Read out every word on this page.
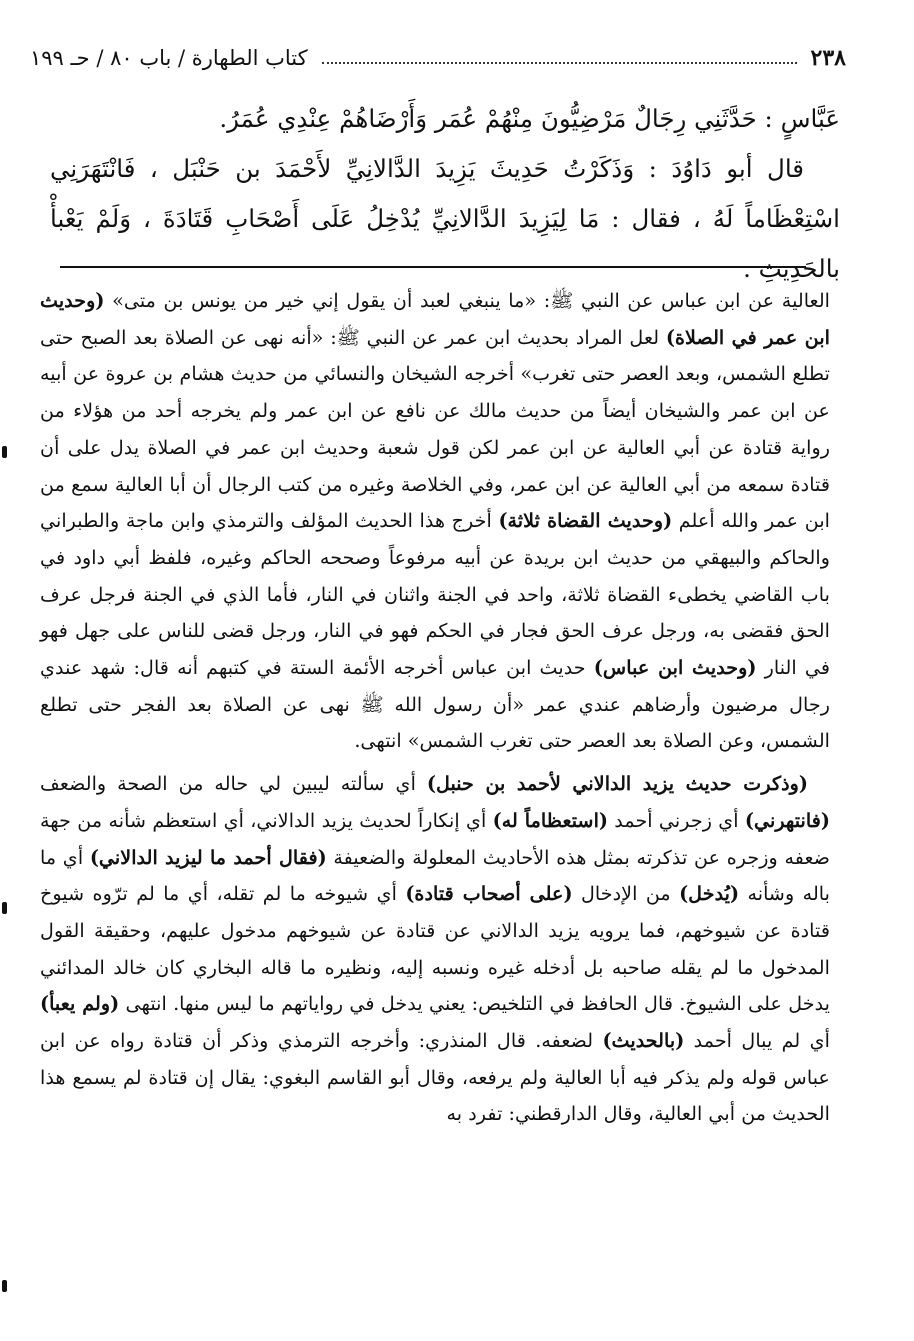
٢٣٨
كتاب الطهارة / باب ٨٠ / حـ ١٩٩

عَبَّاسٍ : حَدَّثَنِي رِجَالٌ مَرْضِيُّونَ مِنْهُمْ عُمَر وَأَرْضَاهُمْ عِنْدِي عُمَرُ.

قال أبو دَاوُدَ : وَذَكَرْتُ حَدِيثَ يَزِيدَ الدَّالانِيِّ لأَحْمَدَ بن حَنْبَل ، فَانْتَهَرَنِي اسْتِعْظَاماً لَهُ ، فقال : مَا لِيَزِيدَ الدَّالانِيِّ يُدْخِلُ عَلَى أَصْحَابِ قَتَادَةَ ، وَلَمْ يَعْبأْ بالحَدِيثِ .

العالية عن ابن عباس عن النبي ﷺ: «ما ينبغي لعبد أن يقول إني خير من يونس بن متى» (وحديث ابن عمر في الصلاة) لعل المراد بحديث ابن عمر عن النبي ﷺ: «أنه نهى عن الصلاة بعد الصبح حتى تطلع الشمس، وبعد العصر حتى تغرب» أخرجه الشيخان والنسائي من حديث هشام بن عروة عن أبيه عن ابن عمر والشيخان أيضاً من حديث مالك عن نافع عن ابن عمر ولم يخرجه أحد من هؤلاء من رواية قتادة عن أبي العالية عن ابن عمر لكن قول شعبة وحديث ابن عمر في الصلاة يدل على أن قتادة سمعه من أبي العالية عن ابن عمر، وفي الخلاصة وغيره من كتب الرجال أن أبا العالية سمع من ابن عمر والله أعلم (وحديث القضاة ثلاثة) أخرج هذا الحديث المؤلف والترمذي وابن ماجة والطبراني والحاكم والبيهقي من حديث ابن بريدة عن أبيه مرفوعاً وصححه الحاكم وغيره، فلفظ أبي داود في باب القاضي يخطىء القضاة ثلاثة، واحد في الجنة واثنان في النار، فأما الذي في الجنة فرجل عرف الحق فقضى به، ورجل عرف الحق فجار في الحكم فهو في النار، ورجل قضى للناس على جهل فهو في النار (وحديث ابن عباس) حديث ابن عباس أخرجه الأئمة الستة في كتبهم أنه قال: شهد عندي رجال مرضيون وأرضاهم عندي عمر «أن رسول الله ﷺ نهى عن الصلاة بعد الفجر حتى تطلع الشمس، وعن الصلاة بعد العصر حتى تغرب الشمس» انتهى.

(وذكرت حديث يزيد الدالاني لأحمد بن حنبل) أي سألته ليبين لي حاله من الصحة والضعف (فانتهرني) أي زجرني أحمد (استعظاماً له) أي إنكاراً لحديث يزيد الدالاني، أي استعظم شأنه من جهة ضعفه وزجره عن تذكرته بمثل هذه الأحاديث المعلولة والضعيفة (فقال أحمد ما ليزيد الدالاني) أي ما باله وشأنه (يُدخل) من الإدخال (على أصحاب قتادة) أي شيوخه ما لم تقله، أي ما لم ترّوه شيوخ قتادة عن شيوخهم، فما يرويه يزيد الدالاني عن قتادة عن شيوخهم مدخول عليهم، وحقيقة القول المدخول ما لم يقله صاحبه بل أدخله غيره ونسبه إليه، ونظيره ما قاله البخاري كان خالد المدائني يدخل على الشيوخ. قال الحافظ في التلخيص: يعني يدخل في رواياتهم ما ليس منها. انتهى (ولم يعبأ) أي لم يبال أحمد (بالحديث) لضعفه. قال المنذري: وأخرجه الترمذي وذكر أن قتادة رواه عن ابن عباس قوله ولم يذكر فيه أبا العالية ولم يرفعه، وقال أبو القاسم البغوي: يقال إن قتادة لم يسمع هذا الحديث من أبي العالية، وقال الدارقطني: تفرد به
